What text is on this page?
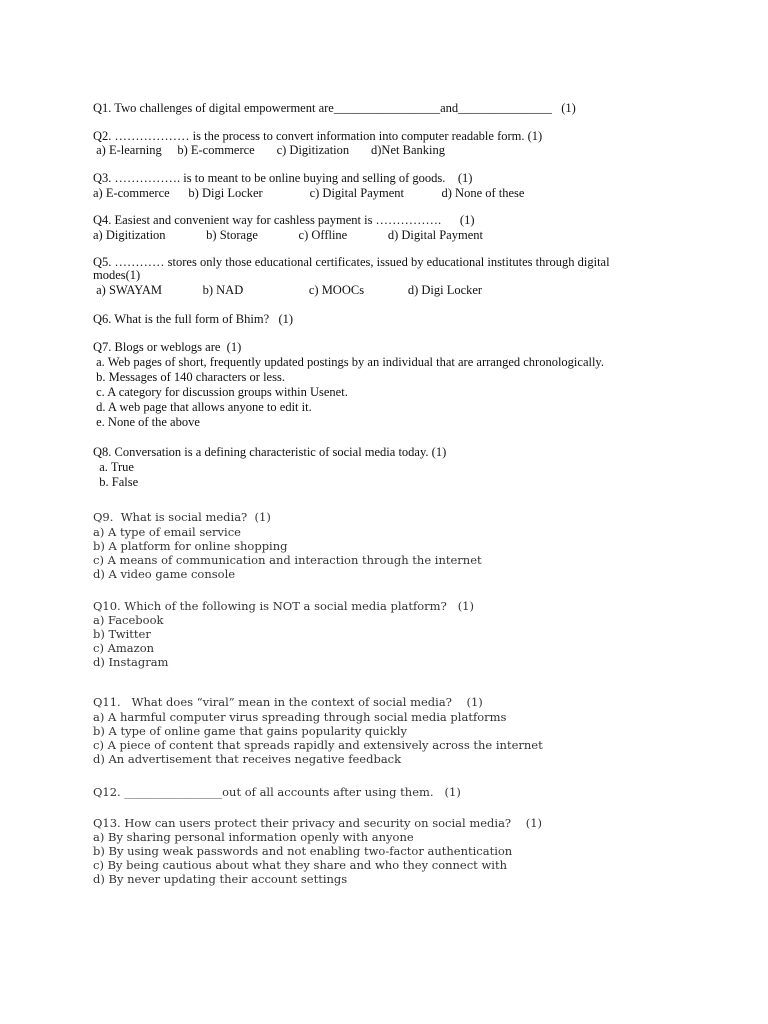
Q1. Two challenges of digital empowerment are_________________and_______________   (1)
Q2. ……………… is the process to convert information into computer readable form. (1)
a) E-learning     b) E-commerce       c) Digitization       d)Net Banking
Q3. ……………. is to meant to be online buying and selling of goods.    (1)
a) E-commerce      b) Digi Locker               c) Digital Payment            d) None of these
Q4. Easiest and convenient way for cashless payment is …………….      (1)
a) Digitization             b) Storage             c) Offline             d) Digital Payment
Q5. ………… stores only those educational certificates, issued by educational institutes through digital modes(1)
a) SWAYAM             b) NAD                     c) MOOCs              d) Digi Locker
Q6. What is the full form of Bhim?   (1)
Q7. Blogs or weblogs are  (1)
a. Web pages of short, frequently updated postings by an individual that are arranged chronologically.
b. Messages of 140 characters or less.
c. A category for discussion groups within Usenet.
d. A web page that allows anyone to edit it.
e. None of the above
Q8. Conversation is a defining characteristic of social media today. (1)
a. True
b. False
Q9.  What is social media?  (1)
a) A type of email service
b) A platform for online shopping
c) A means of communication and interaction through the internet
d) A video game console
Q10. Which of the following is NOT a social media platform?   (1)
a) Facebook
b) Twitter
c) Amazon
d) Instagram
Q11.   What does “viral” mean in the context of social media?    (1)
a) A harmful computer virus spreading through social media platforms
b) A type of online game that gains popularity quickly
c) A piece of content that spreads rapidly and extensively across the internet
d) An advertisement that receives negative feedback
Q12. _________________out of all accounts after using them.   (1)
Q13. How can users protect their privacy and security on social media?    (1)
a) By sharing personal information openly with anyone
b) By using weak passwords and not enabling two-factor authentication
c) By being cautious about what they share and who they connect with
d) By never updating their account settings
